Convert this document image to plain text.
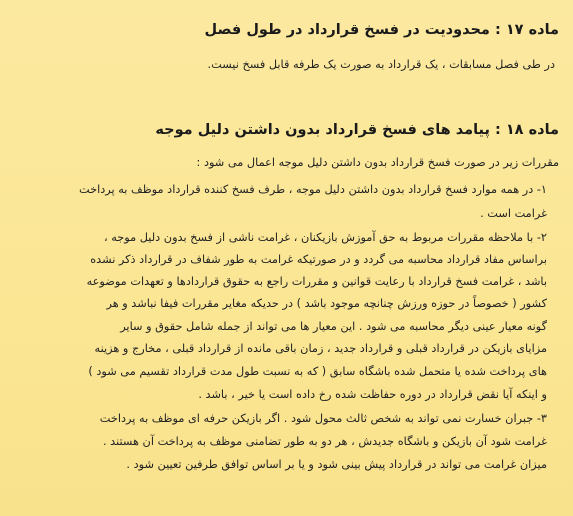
ماده ۱۷ : محدودیت در فسخ قرارداد در طول فصل
در طی فصل مسابقات ، یک قرارداد به صورت یک طرفه قابل فسخ نیست.
ماده ۱۸ : پیامد های فسخ قرارداد بدون داشتن دلیل موجه
مقررات زیر در صورت فسخ قرارداد بدون داشتن دلیل موجه اعمال می شود :
۱- در همه موارد فسخ قرارداد بدون داشتن دلیل موجه ، طرف فسخ کننده قرارداد موظف به پرداخت
غرامت است .
۲- با ملاحظه مقررات مربوط به حق آموزش بازیکنان ، غرامت ناشی از فسخ بدون دلیل موجه ،
براساس مفاد قرارداد محاسبه می گردد و در صورتیکه غرامت به طور شفاف در قرارداد ذکر نشده
باشد ، غرامت فسخ قرارداد با رعایت قوانین و مقررات راجع به حقوق قراردادها و تعهدات موضوعه
کشور ( خصوصاً در حوزه ورزش چنانچه موجود باشد ) در حدیکه مغایر مقررات فیفا نباشد و هر
گونه معیار عینی دیگر محاسبه می شود . این معیار ها می تواند از جمله شامل حقوق و سایر
مزایای بازیکن در قرارداد قبلی و قرارداد جدید ، زمان باقی مانده از قرارداد قبلی ، مخارج و هزینه
های پرداخت شده یا متحمل شده باشگاه سابق ( که به نسبت طول مدت قرارداد تقسیم می شود )
و اینکه آیا نقض قرارداد در دوره حفاظت شده رخ داده است یا خیر ، باشد .
۳- جبران خسارت نمی تواند به شخص ثالث محول شود . اگر بازیکن حرفه ای موظف به پرداخت
غرامت شود آن بازیکن و باشگاه جدیدش ، هر دو به طور تضامنی موظف به پرداخت آن هستند .
میزان غرامت می تواند در قرارداد پیش بینی شود و یا بر اساس توافق طرفین تعیین شود .
